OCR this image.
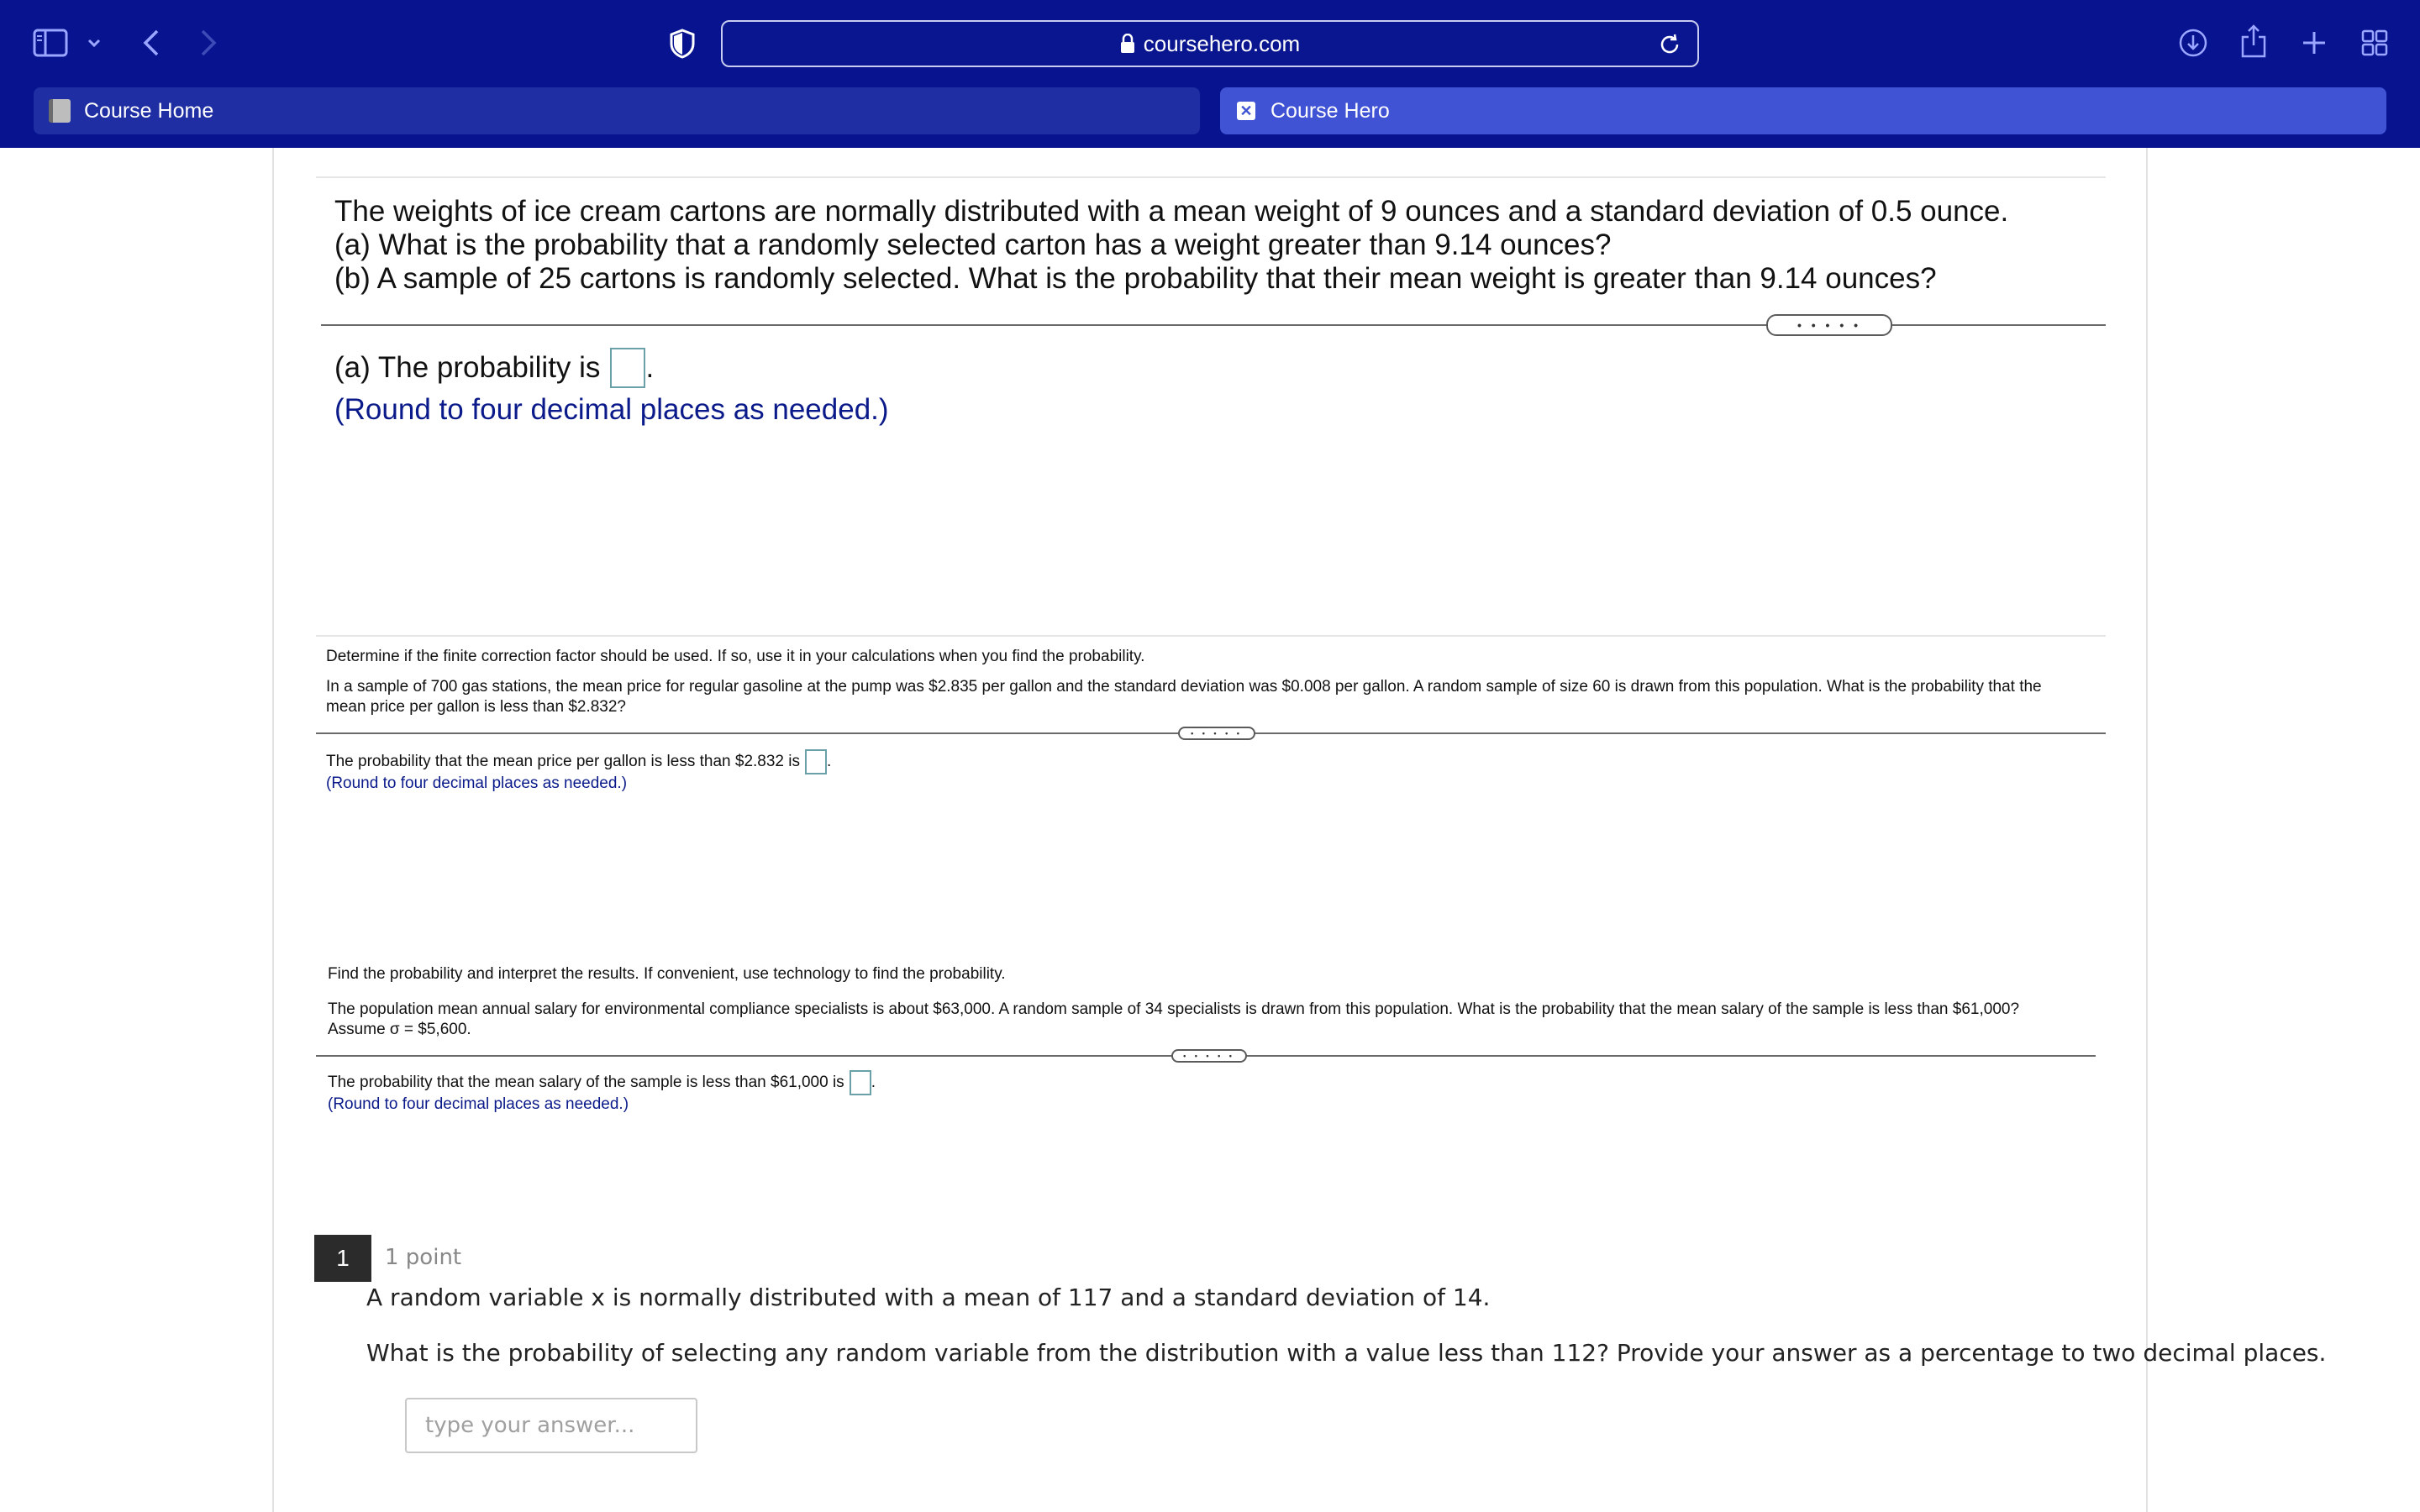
coursehero.com
Course Home	✕ Course Hero
The weights of ice cream cartons are normally distributed with a mean weight of 9 ounces and a standard deviation of 0.5 ounce.
(a) What is the probability that a randomly selected carton has a weight greater than 9.14 ounces?
(b) A sample of 25 cartons is randomly selected. What is the probability that their mean weight is greater than 9.14 ounces?
• • • • •
(a) The probability is .
(Round to four decimal places as needed.)
Determine if the finite correction factor should be used. If so, use it in your calculations when you find the probability.
In a sample of 700 gas stations, the mean price for regular gasoline at the pump was $2.835 per gallon and the standard deviation was $0.008 per gallon. A random sample of size 60 is drawn from this population. What is the probability that the
mean price per gallon is less than $2.832?
• • • • •
The probability that the mean price per gallon is less than $2.832 is .
(Round to four decimal places as needed.)
Find the probability and interpret the results. If convenient, use technology to find the probability.
The population mean annual salary for environmental compliance specialists is about $63,000. A random sample of 34 specialists is drawn from this population. What is the probability that the mean salary of the sample is less than $61,000?
Assume σ = $5,600.
• • • • •
The probability that the mean salary of the sample is less than $61,000 is .
(Round to four decimal places as needed.)
1	1 point
A random variable x is normally distributed with a mean of 117 and a standard deviation of 14.
What is the probability of selecting any random variable from the distribution with a value less than 112? Provide your answer as a percentage to two decimal places.
type your answer...
